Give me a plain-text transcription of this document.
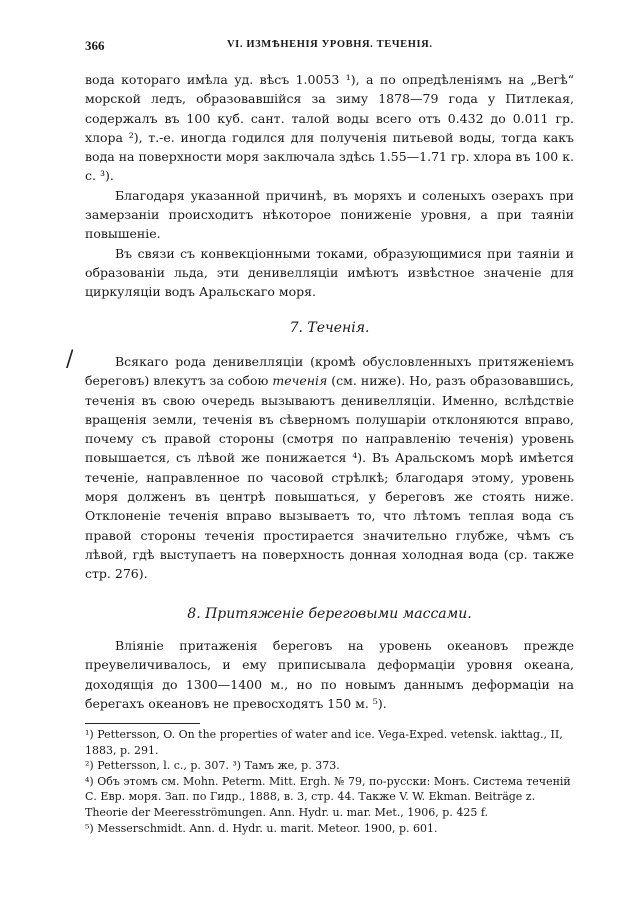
366	VI. ИЗМѢНЕНІЯ УРОВНЯ. ТЕЧЕНІЯ.

вода котораго имѣла уд. вѣсъ 1.0053 ¹), а по опредѣленіямъ на „Вегѣ“ морской ледъ, образовавшійся за зиму 1878—79 года у Питлекая, содержалъ въ 100 куб. сант. талой воды всего отъ 0.432 до 0.011 гр. хлора ²), т.-е. иногда годился для полученія питьевой воды, тогда какъ вода на поверхности моря заключала здѣсь 1.55—1.71 гр. хлора въ 100 к. с. ³).

Благодаря указанной причинѣ, въ моряхъ и соленыхъ озерахъ при замерзаніи происходитъ нѣкоторое пониженіе уровня, а при таяніи повышеніе.

Въ связи съ конвекціонными токами, образующимися при таяніи и образованіи льда, эти денивелляціи имѣютъ извѣстное значеніе для циркуляціи водъ Аральскаго моря.

7. Теченія.
/	Всякаго рода денивелляціи (кромѣ обусловленныхъ притяженіемъ береговъ) влекутъ за собою теченія (см. ниже). Но, разъ образовавшись, теченія въ свою очередь вызываютъ денивелляціи. Именно, вслѣдствіе вращенія земли, теченія въ сѣверномъ полушаріи отклоняются вправо, почему съ правой стороны (смотря по направленію теченія) уровень повышается, съ лѣвой же понижается ⁴). Въ Аральскомъ морѣ имѣется теченіе, направленное по часовой стрѣлкѣ; благодаря этому, уровень моря долженъ въ центрѣ повышаться, у береговъ же стоять ниже. Отклоненіе теченія вправо вызываетъ то, что лѣтомъ теплая вода съ правой стороны теченія простирается значительно глубже, чѣмъ съ лѣвой, гдѣ выступаетъ на поверхность донная холодная вода (ср. также стр. 276).

8. Притяженіе береговыми массами.

Вліяніе притаженія береговъ на уровень океановъ прежде преувеличивалось, и ему приписывала деформаціи уровня океана, доходящія до 1300—1400 м., но по новымъ даннымъ деформаціи на берегахъ океановъ не превосходятъ 150 м. ⁵).

¹) Pettersson, O. On the properties of water and ice. Vega-Exped. vetensk. iakttag., II, 1883, p. 291.

²) Pettersson, l. c., p. 307. ³) Тамъ же, p. 373.

⁴) Объ этомъ см. Mohn. Peterm. Mitt. Ergh. № 79, по-русски: Монъ. Система теченій С. Евр. моря. Зап. по Гидр., 1888, в. 3, стр. 44. Также V. W. Ekman. Beiträge z. Theorie der Meeresströmungen. Ann. Hydr. u. mar. Met., 1906, p. 425 f.

⁵) Messerschmidt. Ann. d. Hydr. u. marit. Meteor. 1900, p. 601.
